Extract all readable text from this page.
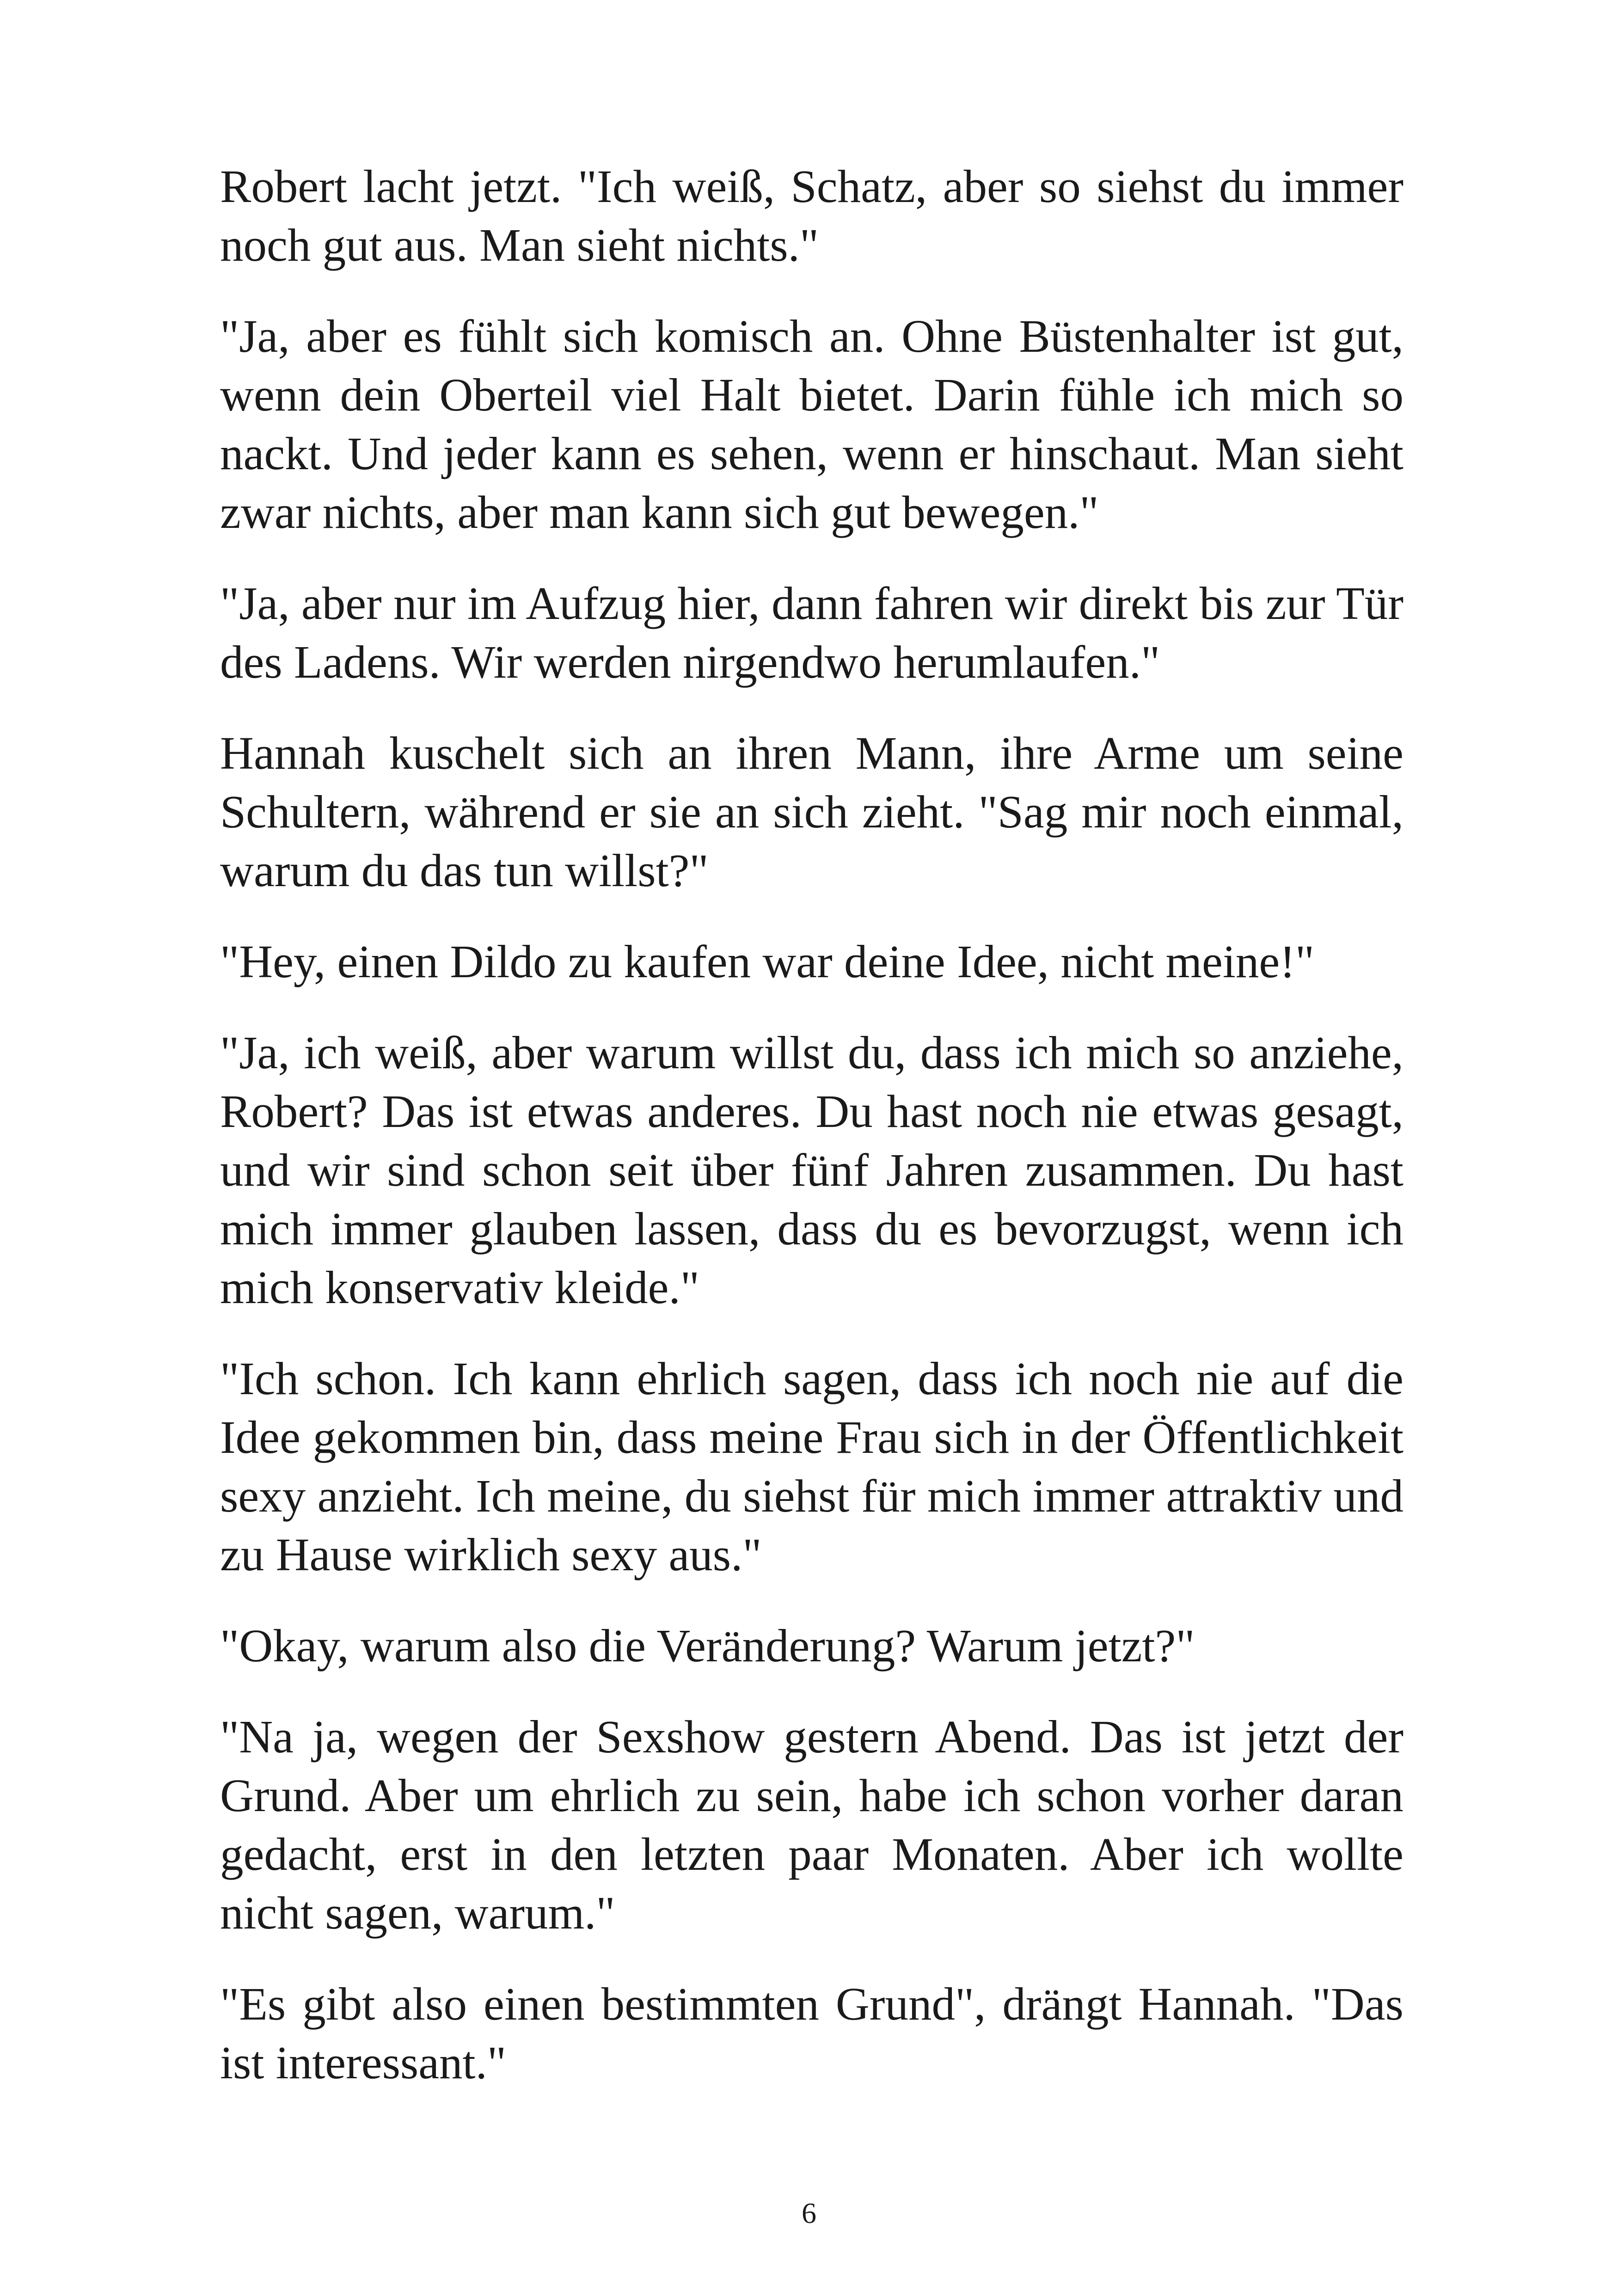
Robert lacht jetzt. "Ich weiß, Schatz, aber so siehst du immer noch gut aus. Man sieht nichts."

"Ja, aber es fühlt sich komisch an. Ohne Büstenhalter ist gut, wenn dein Oberteil viel Halt bietet. Darin fühle ich mich so nackt. Und jeder kann es sehen, wenn er hinschaut. Man sieht zwar nichts, aber man kann sich gut bewegen."

"Ja, aber nur im Aufzug hier, dann fahren wir direkt bis zur Tür des Ladens. Wir werden nirgendwo herumlaufen."

Hannah kuschelt sich an ihren Mann, ihre Arme um seine Schultern, während er sie an sich zieht. "Sag mir noch einmal, warum du das tun willst?"

"Hey, einen Dildo zu kaufen war deine Idee, nicht meine!"

"Ja, ich weiß, aber warum willst du, dass ich mich so anziehe, Robert? Das ist etwas anderes. Du hast noch nie etwas gesagt, und wir sind schon seit über fünf Jahren zusammen. Du hast mich immer glauben lassen, dass du es bevorzugst, wenn ich mich konservativ kleide."

"Ich schon. Ich kann ehrlich sagen, dass ich noch nie auf die Idee gekommen bin, dass meine Frau sich in der Öffentlichkeit sexy anzieht. Ich meine, du siehst für mich immer attraktiv und zu Hause wirklich sexy aus."

"Okay, warum also die Veränderung? Warum jetzt?"

"Na ja, wegen der Sexshow gestern Abend. Das ist jetzt der Grund. Aber um ehrlich zu sein, habe ich schon vorher daran gedacht, erst in den letzten paar Monaten. Aber ich wollte nicht sagen, warum."

"Es gibt also einen bestimmten Grund", drängt Hannah. "Das ist interessant."

6
